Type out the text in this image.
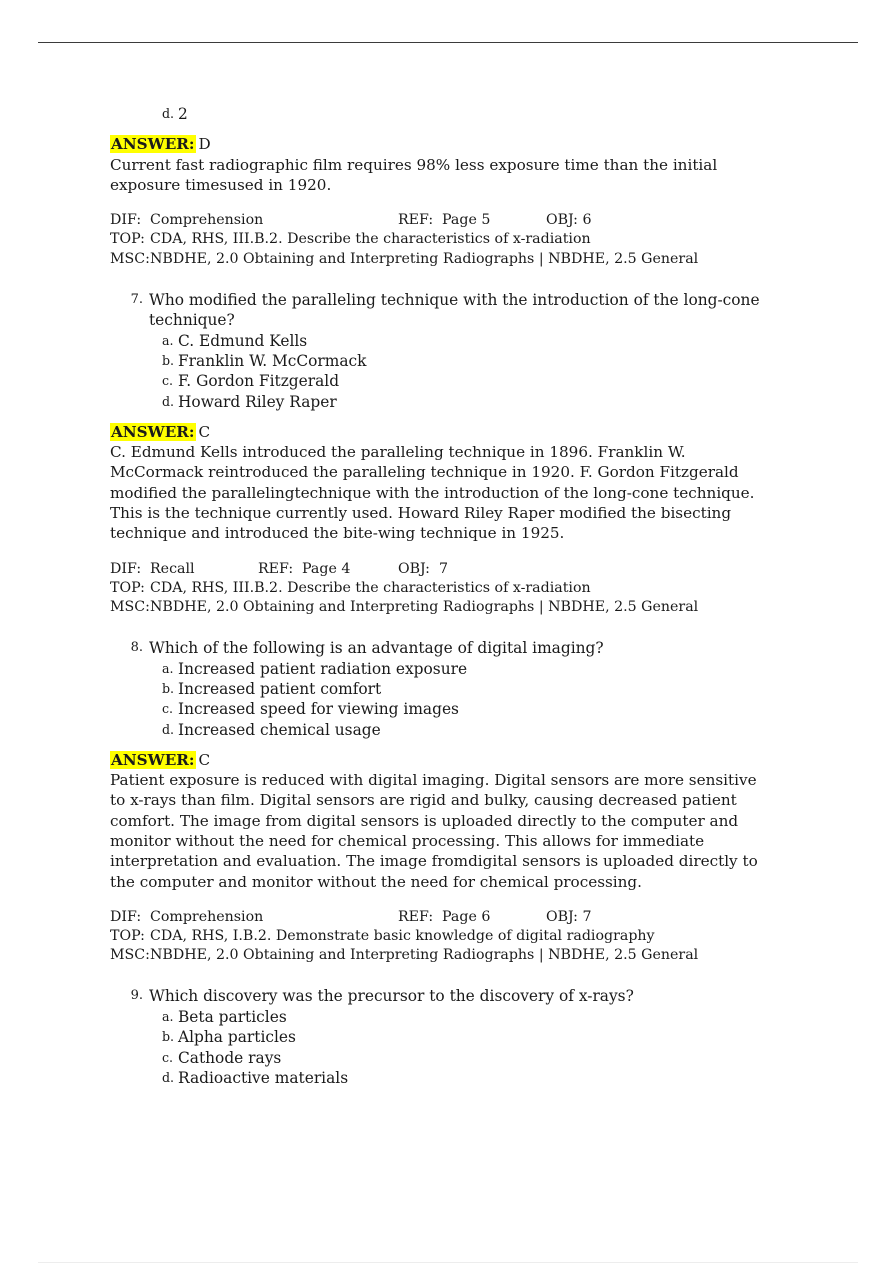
d. 2
ANSWER: D
Current fast radiographic film requires 98% less exposure time than the initial exposure timesused in 1920.
DIF: Comprehension	REF: Page 5	OBJ: 6
TOP: CDA, RHS, III.B.2. Describe the characteristics of x-radiation
MSC:NBDHE, 2.0 Obtaining and Interpreting Radiographs | NBDHE, 2.5 General
7. Who modified the paralleling technique with the introduction of the long-cone technique?
a. C. Edmund Kells
b. Franklin W. McCormack
c. F. Gordon Fitzgerald
d. Howard Riley Raper
ANSWER: C
C. Edmund Kells introduced the paralleling technique in 1896. Franklin W. McCormack reintroduced the paralleling technique in 1920. F. Gordon Fitzgerald modified the parallelingtechnique with the introduction of the long-cone technique. This is the technique currently used. Howard Riley Raper modified the bisecting technique and introduced the bite-wing technique in 1925.
DIF: Recall	REF: Page 4	OBJ:  7
TOP: CDA, RHS, III.B.2. Describe the characteristics of x-radiation
MSC:NBDHE, 2.0 Obtaining and Interpreting Radiographs | NBDHE, 2.5 General
8. Which of the following is an advantage of digital imaging?
a. Increased patient radiation exposure
b. Increased patient comfort
c. Increased speed for viewing images
d. Increased chemical usage
ANSWER: C
Patient exposure is reduced with digital imaging. Digital sensors are more sensitive to x-rays than film. Digital sensors are rigid and bulky, causing decreased patient comfort. The image from digital sensors is uploaded directly to the computer and monitor without the need for chemical processing. This allows for immediate interpretation and evaluation. The image fromdigital sensors is uploaded directly to the computer and monitor without the need for chemical processing.
DIF: Comprehension	REF: Page 6	OBJ: 7
TOP: CDA, RHS, I.B.2. Demonstrate basic knowledge of digital radiography
MSC:NBDHE, 2.0 Obtaining and Interpreting Radiographs | NBDHE, 2.5 General
9. Which discovery was the precursor to the discovery of x-rays?
a. Beta particles
b. Alpha particles
c. Cathode rays
d. Radioactive materials
